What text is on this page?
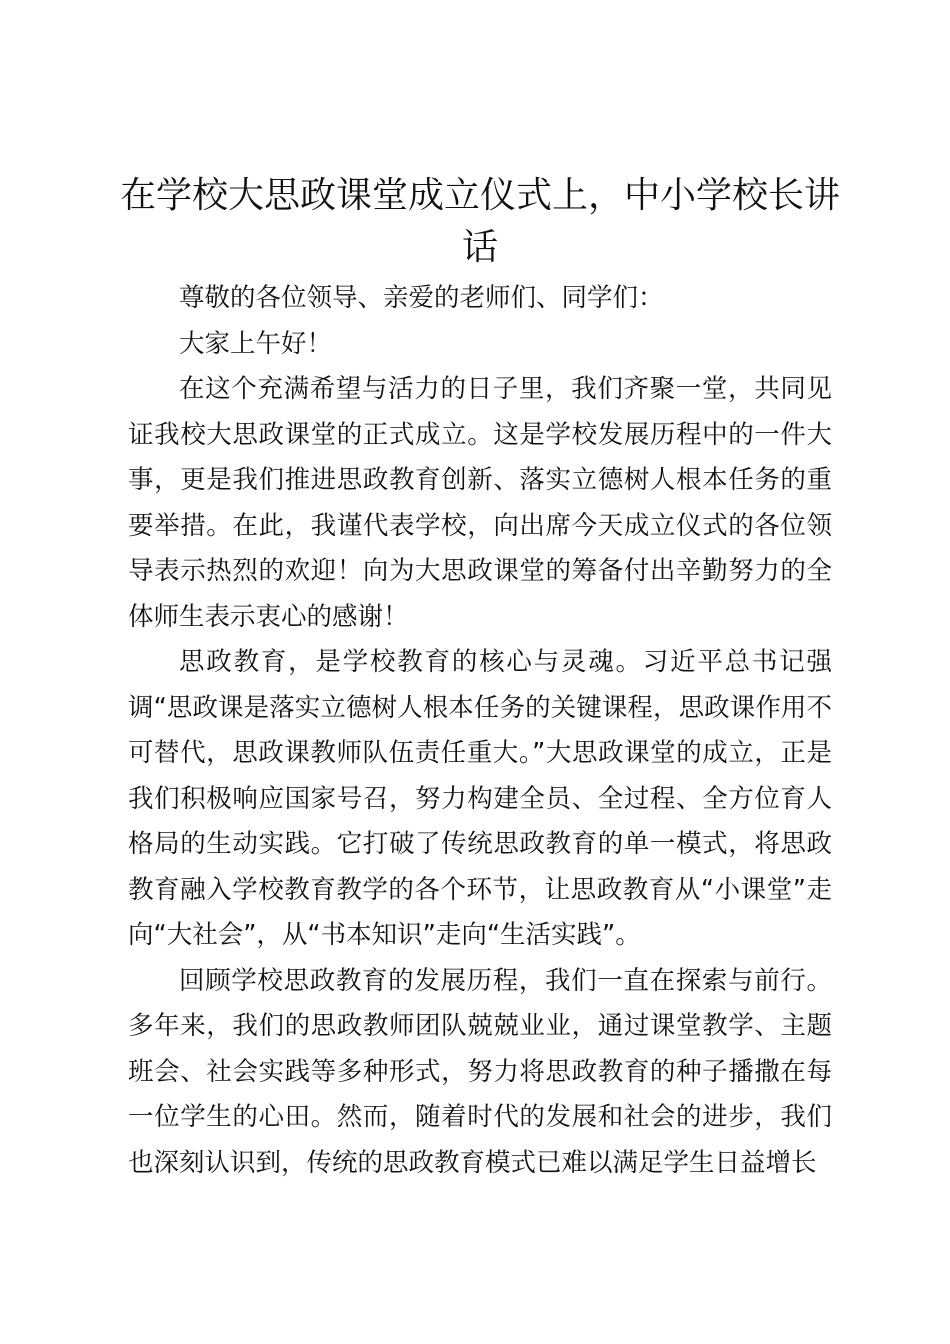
在学校大思政课堂成立仪式上，中小学校长讲话

尊敬的各位领导、亲爱的老师们、同学们：

大家上午好！

在这个充满希望与活力的日子里，我们齐聚一堂，共同见证我校大思政课堂的正式成立。这是学校发展历程中的一件大事，更是我们推进思政教育创新、落实立德树人根本任务的重要举措。在此，我谨代表学校，向出席今天成立仪式的各位领导表示热烈的欢迎！向为大思政课堂的筹备付出辛勤努力的全体师生表示衷心的感谢！

思政教育，是学校教育的核心与灵魂。习近平总书记强调“思政课是落实立德树人根本任务的关键课程，思政课作用不可替代，思政课教师队伍责任重大。”大思政课堂的成立，正是我们积极响应国家号召，努力构建全员、全过程、全方位育人格局的生动实践。它打破了传统思政教育的单一模式，将思政教育融入学校教育教学的各个环节，让思政教育从“小课堂”走向“大社会”，从“书本知识”走向“生活实践”。

回顾学校思政教育的发展历程，我们一直在探索与前行。多年来，我们的思政教师团队兢兢业业，通过课堂教学、主题班会、社会实践等多种形式，努力将思政教育的种子播撒在每一位学生的心田。然而，随着时代的发展和社会的进步，我们也深刻认识到，传统的思政教育模式已难以满足学生日益增长
